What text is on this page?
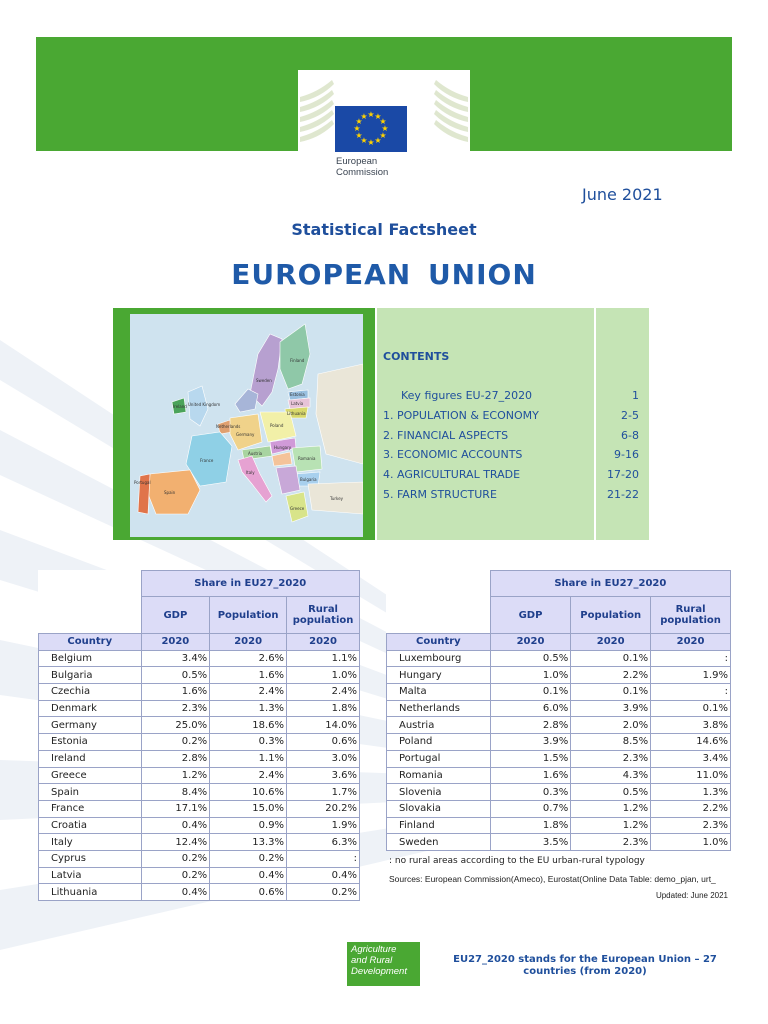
★ ★
★
★
★
★
★
★
★
★
★
★
European
Commission
June 2021
Statistical Factsheet
EUROPEAN UNION
Finland
Sweden
Estonia
Latvia
Lithuania
United Kingdom
Ireland
Netherlands
Germany
Poland
France
Austria
Hungary
Romania
Bulgaria
Italy
Spain
Portugal
Greece
Turkey
CONTENTS
Key figures EU-27_2020	1
1. POPULATION & ECONOMY	2-5
2. FINANCIAL ASPECTS	6-8
3. ECONOMIC ACCOUNTS	9-16
4. AGRICULTURAL TRADE	17-20
5. FARM STRUCTURE	21-22
	Share in EU27_2020		
	GDP	Population	Rural
population
Country	2020	2020	2020
Belgium	3.4%	2.6%	1.1%
Bulgaria	0.5%	1.6%	1.0%
Czechia	1.6%	2.4%	2.4%
Denmark	2.3%	1.3%	1.8%
Germany	25.0%	18.6%	14.0%
Estonia	0.2%	0.3%	0.6%
Ireland	2.8%	1.1%	3.0%
Greece	1.2%	2.4%	3.6%
Spain	8.4%	10.6%	1.7%
France	17.1%	15.0%	20.2%
Croatia	0.4%	0.9%	1.9%
Italy	12.4%	13.3%	6.3%
Cyprus	0.2%	0.2%	:
Latvia	0.2%	0.4%	0.4%
Lithuania	0.4%	0.6%	0.2%
	Share in EU27_2020		
	GDP	Population	Rural
population
Country	2020	2020	2020
Luxembourg	0.5%	0.1%	:
Hungary	1.0%	2.2%	1.9%
Malta	0.1%	0.1%	:
Netherlands	6.0%	3.9%	0.1%
Austria	2.8%	2.0%	3.8%
Poland	3.9%	8.5%	14.6%
Portugal	1.5%	2.3%	3.4%
Romania	1.6%	4.3%	11.0%
Slovenia	0.3%	0.5%	1.3%
Slovakia	0.7%	1.2%	2.2%
Finland	1.8%	1.2%	2.3%
Sweden	3.5%	2.3%	1.0%
: no rural areas according to the EU urban-rural typology
Sources: European Commission(Ameco), Eurostat(Online Data Table: demo_pjan, urt_
Updated: June 2021
Agriculture
and Rural
Development
EU27_2020 stands for the European Union – 27 countries (from 2020)
